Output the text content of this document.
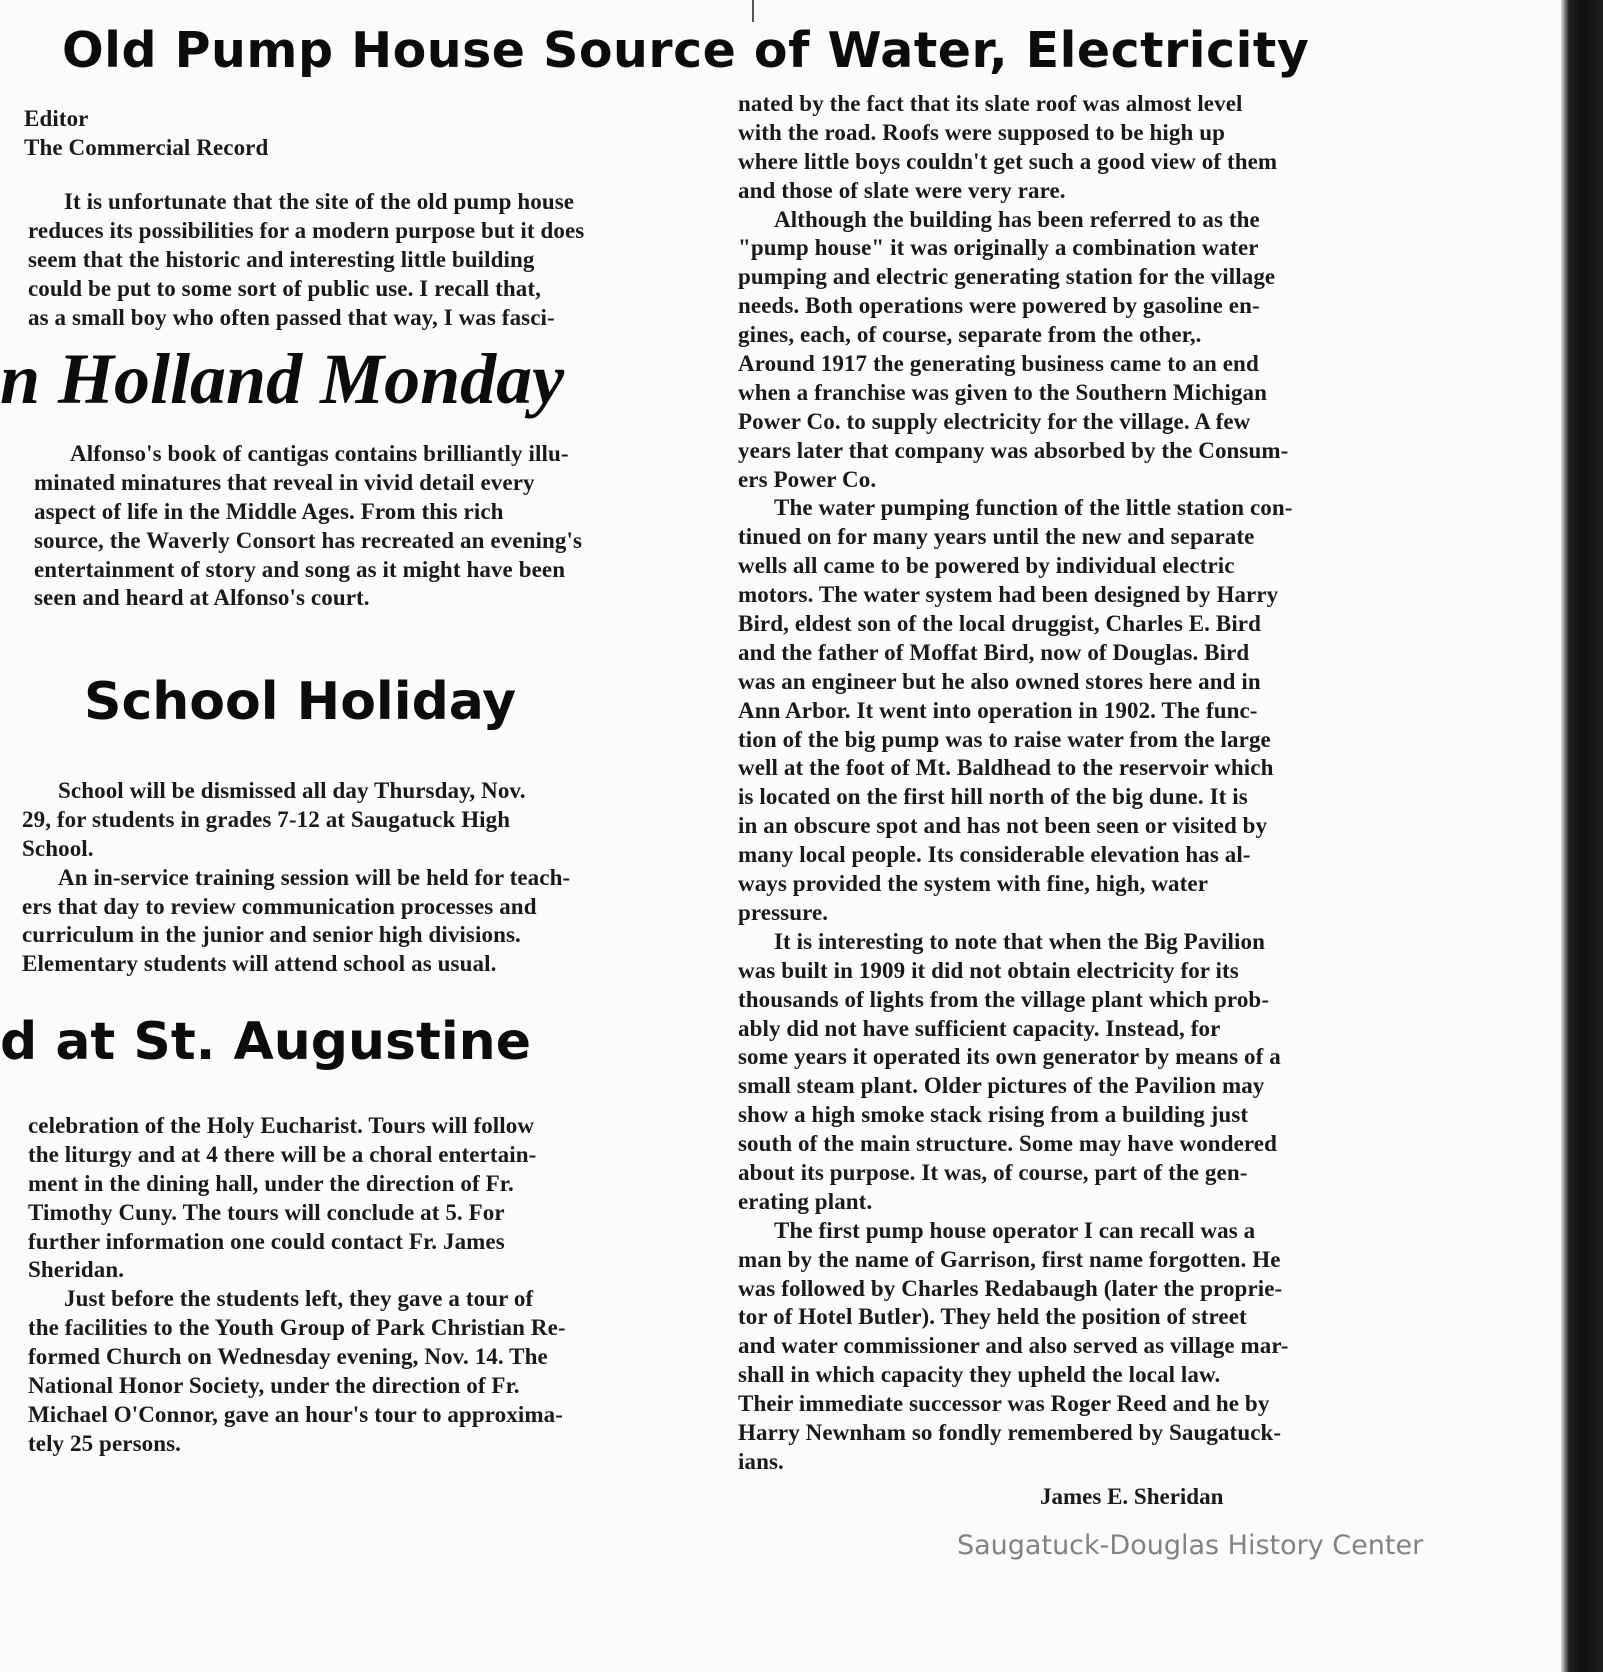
Old Pump House Source of Water, Electricity
Editor
The Commercial Record
It is unfortunate that the site of the old pump house
reduces its possibilities for a modern purpose but it does
seem that the historic and interesting little building
could be put to some sort of public use. I recall that,
as a small boy who often passed that way, I was fasci-
n Holland Monday
Alfonso's book of cantigas contains brilliantly illu-
minated minatures that reveal in vivid detail every
aspect of life in the Middle Ages. From this rich
source, the Waverly Consort has recreated an evening's
entertainment of story and song as it might have been
seen and heard at Alfonso's court.
School Holiday
School will be dismissed all day Thursday, Nov.
29, for students in grades 7-12 at Saugatuck High
School.
An in-service training session will be held for teach-
ers that day to review communication processes and
curriculum in the junior and senior high divisions.
Elementary students will attend school as usual.
d at St. Augustine
celebration of the Holy Eucharist. Tours will follow
the liturgy and at 4 there will be a choral entertain-
ment in the dining hall, under the direction of Fr.
Timothy Cuny. The tours will conclude at 5. For
further information one could contact Fr. James
Sheridan.
Just before the students left, they gave a tour of
the facilities to the Youth Group of Park Christian Re-
formed Church on Wednesday evening, Nov. 14. The
National Honor Society, under the direction of Fr.
Michael O'Connor, gave an hour's tour to approxima-
tely 25 persons.
nated by the fact that its slate roof was almost level
with the road. Roofs were supposed to be high up
where little boys couldn't get such a good view of them
and those of slate were very rare.
Although the building has been referred to as the
"pump house" it was originally a combination water
pumping and electric generating station for the village
needs. Both operations were powered by gasoline en-
gines, each, of course, separate from the other,.
Around 1917 the generating business came to an end
when a franchise was given to the Southern Michigan
Power Co. to supply electricity for the village. A few
years later that company was absorbed by the Consum-
ers Power Co.
The water pumping function of the little station con-
tinued on for many years until the new and separate
wells all came to be powered by individual electric
motors. The water system had been designed by Harry
Bird, eldest son of the local druggist, Charles E. Bird
and the father of Moffat Bird, now of Douglas. Bird
was an engineer but he also owned stores here and in
Ann Arbor. It went into operation in 1902. The func-
tion of the big pump was to raise water from the large
well at the foot of Mt. Baldhead to the reservoir which
is located on the first hill north of the big dune. It is
in an obscure spot and has not been seen or visited by
many local people. Its considerable elevation has al-
ways provided the system with fine, high, water
pressure.
It is interesting to note that when the Big Pavilion
was built in 1909 it did not obtain electricity for its
thousands of lights from the village plant which prob-
ably did not have sufficient capacity. Instead, for
some years it operated its own generator by means of a
small steam plant. Older pictures of the Pavilion may
show a high smoke stack rising from a building just
south of the main structure. Some may have wondered
about its purpose. It was, of course, part of the gen-
erating plant.
The first pump house operator I can recall was a
man by the name of Garrison, first name forgotten. He
was followed by Charles Redabaugh (later the proprie-
tor of Hotel Butler). They held the position of street
and water commissioner and also served as village mar-
shall in which capacity they upheld the local law.
Their immediate successor was Roger Reed and he by
Harry Newnham so fondly remembered by Saugatuck-
ians.
James E. Sheridan
Saugatuck-Douglas History Center
